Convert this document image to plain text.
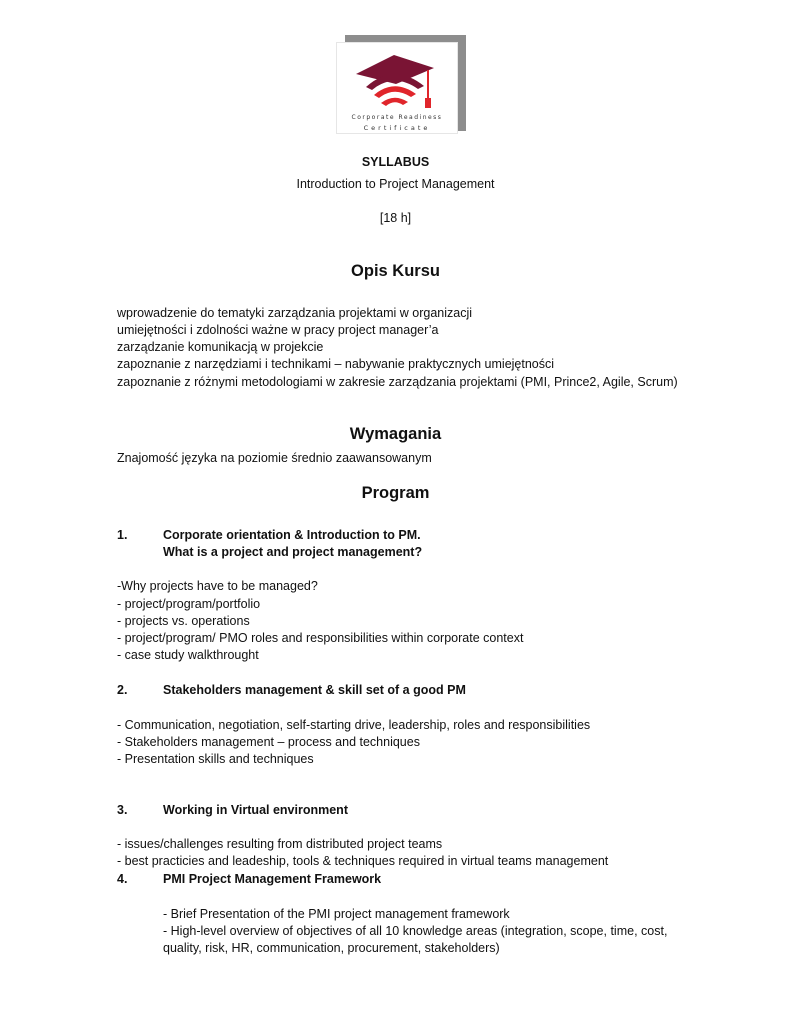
Corporate Readiness
Certificate
SYLLABUS
Introduction to Project Management
[18 h]
Opis Kursu
wprowadzenie do tematyki zarządzania projektami w organizacji
umiejętności i zdolności ważne w pracy project manager’a
zarządzanie komunikacją w projekcie
zapoznanie z narzędziami i technikami – nabywanie praktycznych umiejętności
zapoznanie z różnymi metodologiami w zakresie zarządzania projektami (PMI, Prince2, Agile, Scrum)
Wymagania
Znajomość języka na poziomie średnio zaawansowanym
Program
1.	Corporate orientation & Introduction to PM.
What is a project and project management?
-Why projects have to be managed?
- project/program/portfolio
- projects vs. operations
- project/program/ PMO roles and responsibilities within corporate context
- case study walkthrought
2.	Stakeholders management & skill set of a good PM
- Communication, negotiation, self-starting drive, leadership, roles and responsibilities
- Stakeholders management – process and techniques
- Presentation skills and techniques
3.	Working in Virtual environment
- issues/challenges resulting from distributed project teams
- best practicies and leadeship, tools & techniques required in virtual teams management
4.	PMI Project Management Framework
- Brief Presentation of the PMI project management framework
- High-level overview of objectives of all 10 knowledge areas (integration, scope, time, cost,
quality, risk, HR, communication, procurement, stakeholders)
